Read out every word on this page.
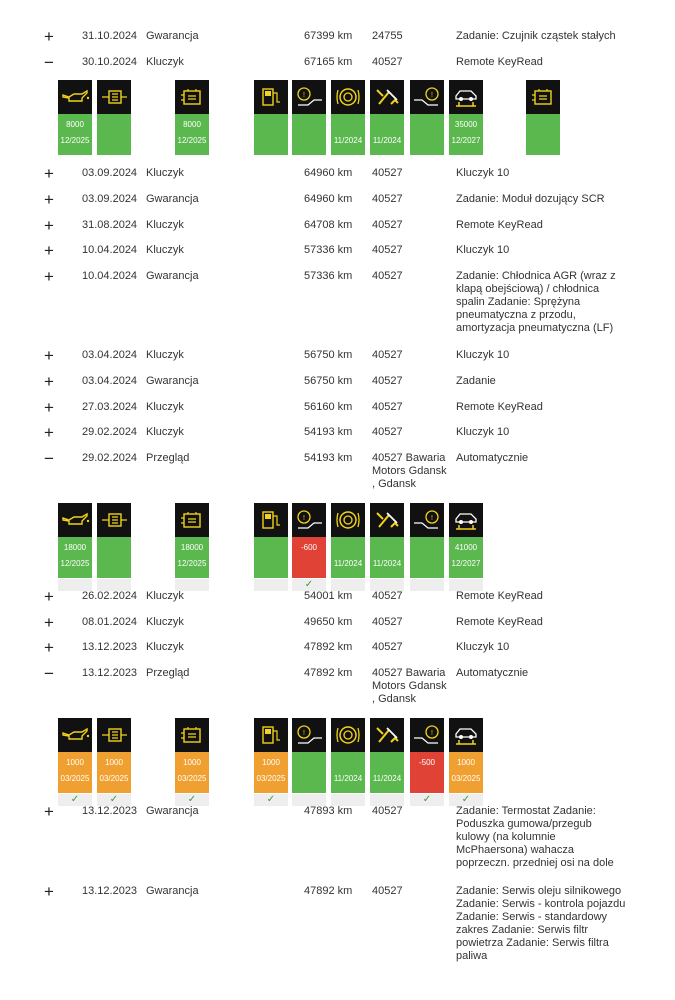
+	31.10.2024 Gwarancja	67399 km 24755	Zadanie: Czujnik cząstek stałych
−	30.10.2024 Kluczyk	67165 km 40527	Remote KeyRead
8000
12/2025
8000
12/2025
!
11/2024	11/2024
!
35000
12/2027
+	03.09.2024 Kluczyk	64960 km 40527	Kluczyk 10
+	03.09.2024 Gwarancja	64960 km 40527	Zadanie: Moduł dozujący SCR
+	31.08.2024 Kluczyk	64708 km 40527	Remote KeyRead
+	10.04.2024 Kluczyk	57336 km 40527	Kluczyk 10
+	10.04.2024 Gwarancja	57336 km 40527	Zadanie: Chłodnica AGR (wraz z klapą obejściową) / chłodnica spalin Zadanie: Sprężyna pneumatyczna z przodu, amortyzacja pneumatyczna (LF)
+	03.04.2024 Kluczyk	56750 km 40527	Kluczyk 10
+	03.04.2024 Gwarancja	56750 km 40527	Zadanie
+	27.03.2024 Kluczyk	56160 km 40527	Remote KeyRead
+	29.02.2024 Kluczyk	54193 km 40527	Kluczyk 10
−	29.02.2024 Przegląd	54193 km 40527 Bawaria Motors Gdansk , Gdansk
Automatycznie
18000
12/2025
18000
12/2025
!
-600
✓
11/2024	11/2024
!
41000
12/2027
+	26.02.2024 Kluczyk	54001 km 40527	Remote KeyRead
+	08.01.2024 Kluczyk	49650 km 40527	Remote KeyRead
+	13.12.2023 Kluczyk	47892 km 40527	Kluczyk 10
−	13.12.2023 Przegląd	47892 km 40527 Bawaria Motors Gdansk , Gdansk
Automatycznie
1000
03/2025
✓
1000
03/2025
✓
1000
03/2025
✓
1000
03/2025
✓
!
11/2024	11/2024
!
-500
✓
1000
03/2025
✓
+	13.12.2023 Gwarancja	47893 km 40527	Zadanie: Termostat Zadanie: Poduszka gumowa/przegub kulowy (na kolumnie McPhaersona) wahacza poprzeczn. przedniej osi na dole
+	13.12.2023 Gwarancja	47892 km 40527	Zadanie: Serwis oleju silnikowego Zadanie: Serwis - kontrola pojazdu Zadanie: Serwis - standardowy zakres Zadanie: Serwis filtr powietrza Zadanie: Serwis filtra paliwa
